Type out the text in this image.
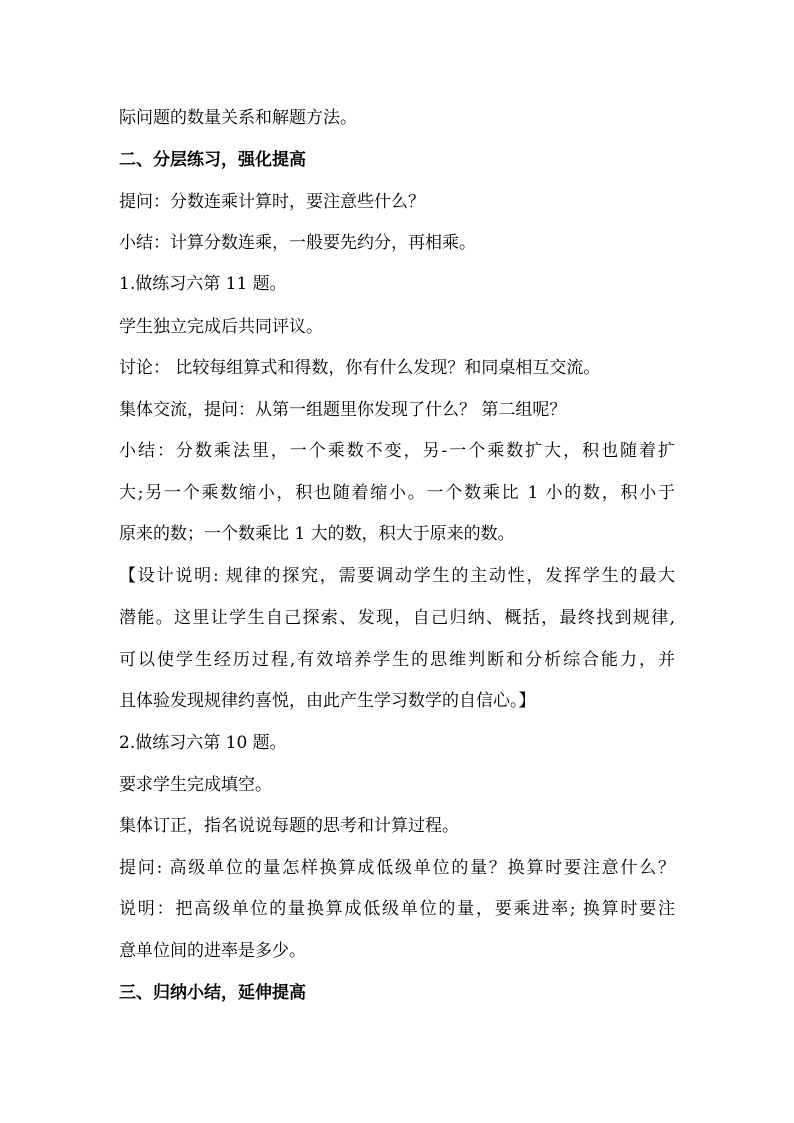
际问题的数量关系和解题方法。
二、分层练习，强化提高
提问：分数连乘计算时，要注意些什么？
小结：计算分数连乘，一般要先约分，再相乘。
1.做练习六第 11 题。
学生独立完成后共同评议。
讨论： 比较每组算式和得数，你有什么发现？和同桌相互交流。
集体交流，提问：从第一组题里你发现了什么？ 第二组呢？
小结：分数乘法里，一个乘数不变，另-一个乘数扩大，积也随着扩
大;另一个乘数缩小，积也随着缩小。一个数乘比 1 小的数，积小于
原来的数；一个数乘比 1 大的数，积大于原来的数。
【设计说明: 规律的探究，需要调动学生的主动性，发挥学生的最大
潜能。这里让学生自己探索、发现，自己归纳、概括，最终找到规律,
可以使学生经历过程,有效培养学生的思维判断和分析综合能力，并
且体验发现规律约喜悦，由此产生学习数学的自信心。】
2.做练习六第 10 题。
要求学生完成填空。
集体订正，指名说说每题的思考和计算过程。
提问: 高级单位的量怎样换算成低级单位的量？换算时要注意什么？
说明：把高级单位的量换算成低级单位的量，要乘进率; 换算时要注
意单位间的进率是多少。
三、归纳小结，延伸提高
